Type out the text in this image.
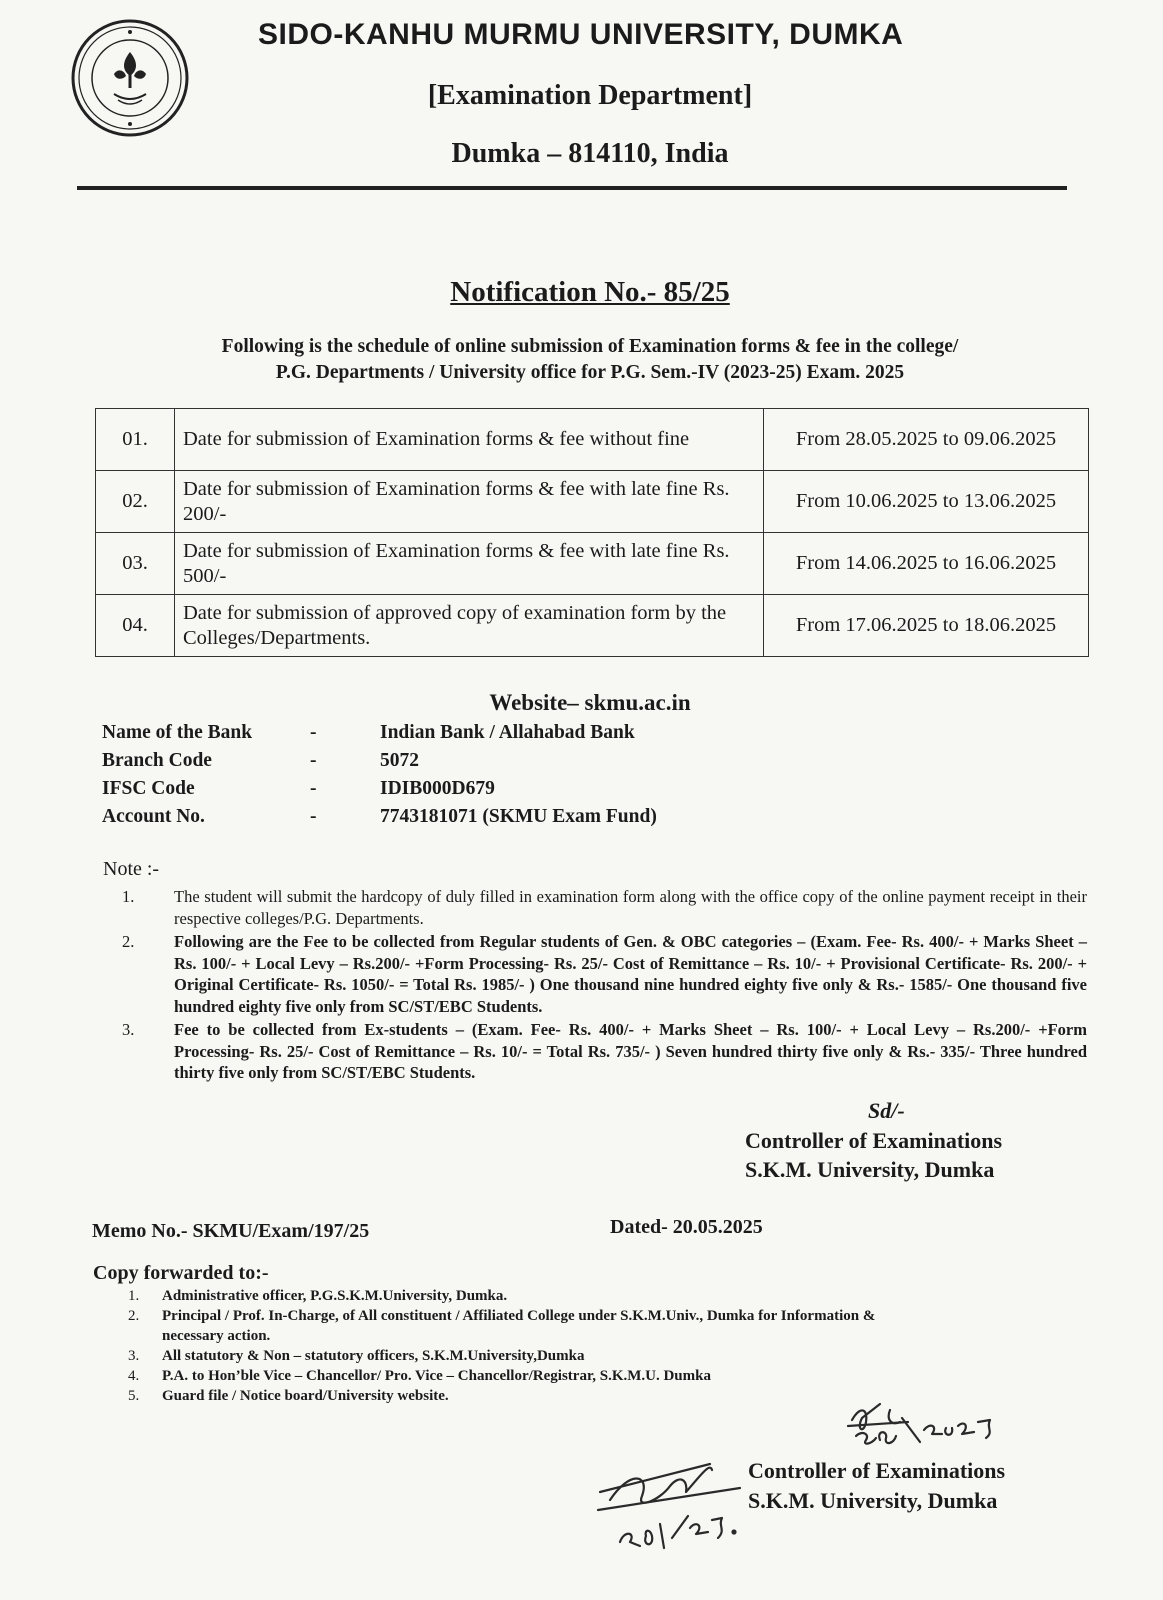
SIDO-KANHU MURMU UNIVERSITY, DUMKA
[Examination Department]
Dumka – 814110, India
Notification No.- 85/25
Following is the schedule of online submission of Examination forms & fee in the college/
P.G. Departments / University office for P.G. Sem.-IV (2023-25) Exam. 2025
01.	Date for submission of Examination forms & fee without fine	From 28.05.2025 to 09.06.2025
02.	Date for submission of Examination forms & fee with late fine Rs. 200/-	From 10.06.2025 to 13.06.2025
03.	Date for submission of Examination forms & fee with late fine Rs. 500/-	From 14.06.2025 to 16.06.2025
04.	Date for submission of approved copy of examination form by the Colleges/Departments.	From 17.06.2025 to 18.06.2025
Website– skmu.ac.in
Name of the Bank	-	Indian Bank / Allahabad Bank
Branch Code	-	5072
IFSC Code	-	IDIB000D679
Account No.	-	7743181071 (SKMU Exam Fund)
Note :-
1. The student will submit the hardcopy of duly filled in examination form along with the office copy of the online payment receipt in their respective colleges/P.G. Departments.
2. Following are the Fee to be collected from Regular students of Gen. & OBC categories – (Exam. Fee- Rs. 400/- + Marks Sheet – Rs. 100/- + Local Levy – Rs.200/- +Form Processing- Rs. 25/- Cost of Remittance – Rs. 10/- + Provisional Certificate- Rs. 200/- + Original Certificate- Rs. 1050/- = Total Rs. 1985/- ) One thousand nine hundred eighty five only & Rs.- 1585/- One thousand five hundred eighty five only from SC/ST/EBC Students.
3. Fee to be collected from Ex-students – (Exam. Fee- Rs. 400/- + Marks Sheet – Rs. 100/- + Local Levy – Rs.200/- +Form Processing- Rs. 25/- Cost of Remittance – Rs. 10/- = Total Rs. 735/- ) Seven hundred thirty five only & Rs.- 335/- Three hundred thirty five only from SC/ST/EBC Students.
Sd/-
Controller of Examinations
S.K.M. University, Dumka
Memo No.- SKMU/Exam/197/25	Dated- 20.05.2025
Copy forwarded to:-
1. Administrative officer, P.G.S.K.M.University, Dumka.
2. Principal / Prof. In-Charge, of All constituent / Affiliated College under S.K.M.Univ., Dumka for Information & necessary action.
3. All statutory & Non – statutory officers, S.K.M.University,Dumka
4. P.A. to Hon’ble Vice – Chancellor/ Pro. Vice – Chancellor/Registrar, S.K.M.U. Dumka
5. Guard file / Notice board/University website.
Controller of Examinations
S.K.M. University, Dumka
